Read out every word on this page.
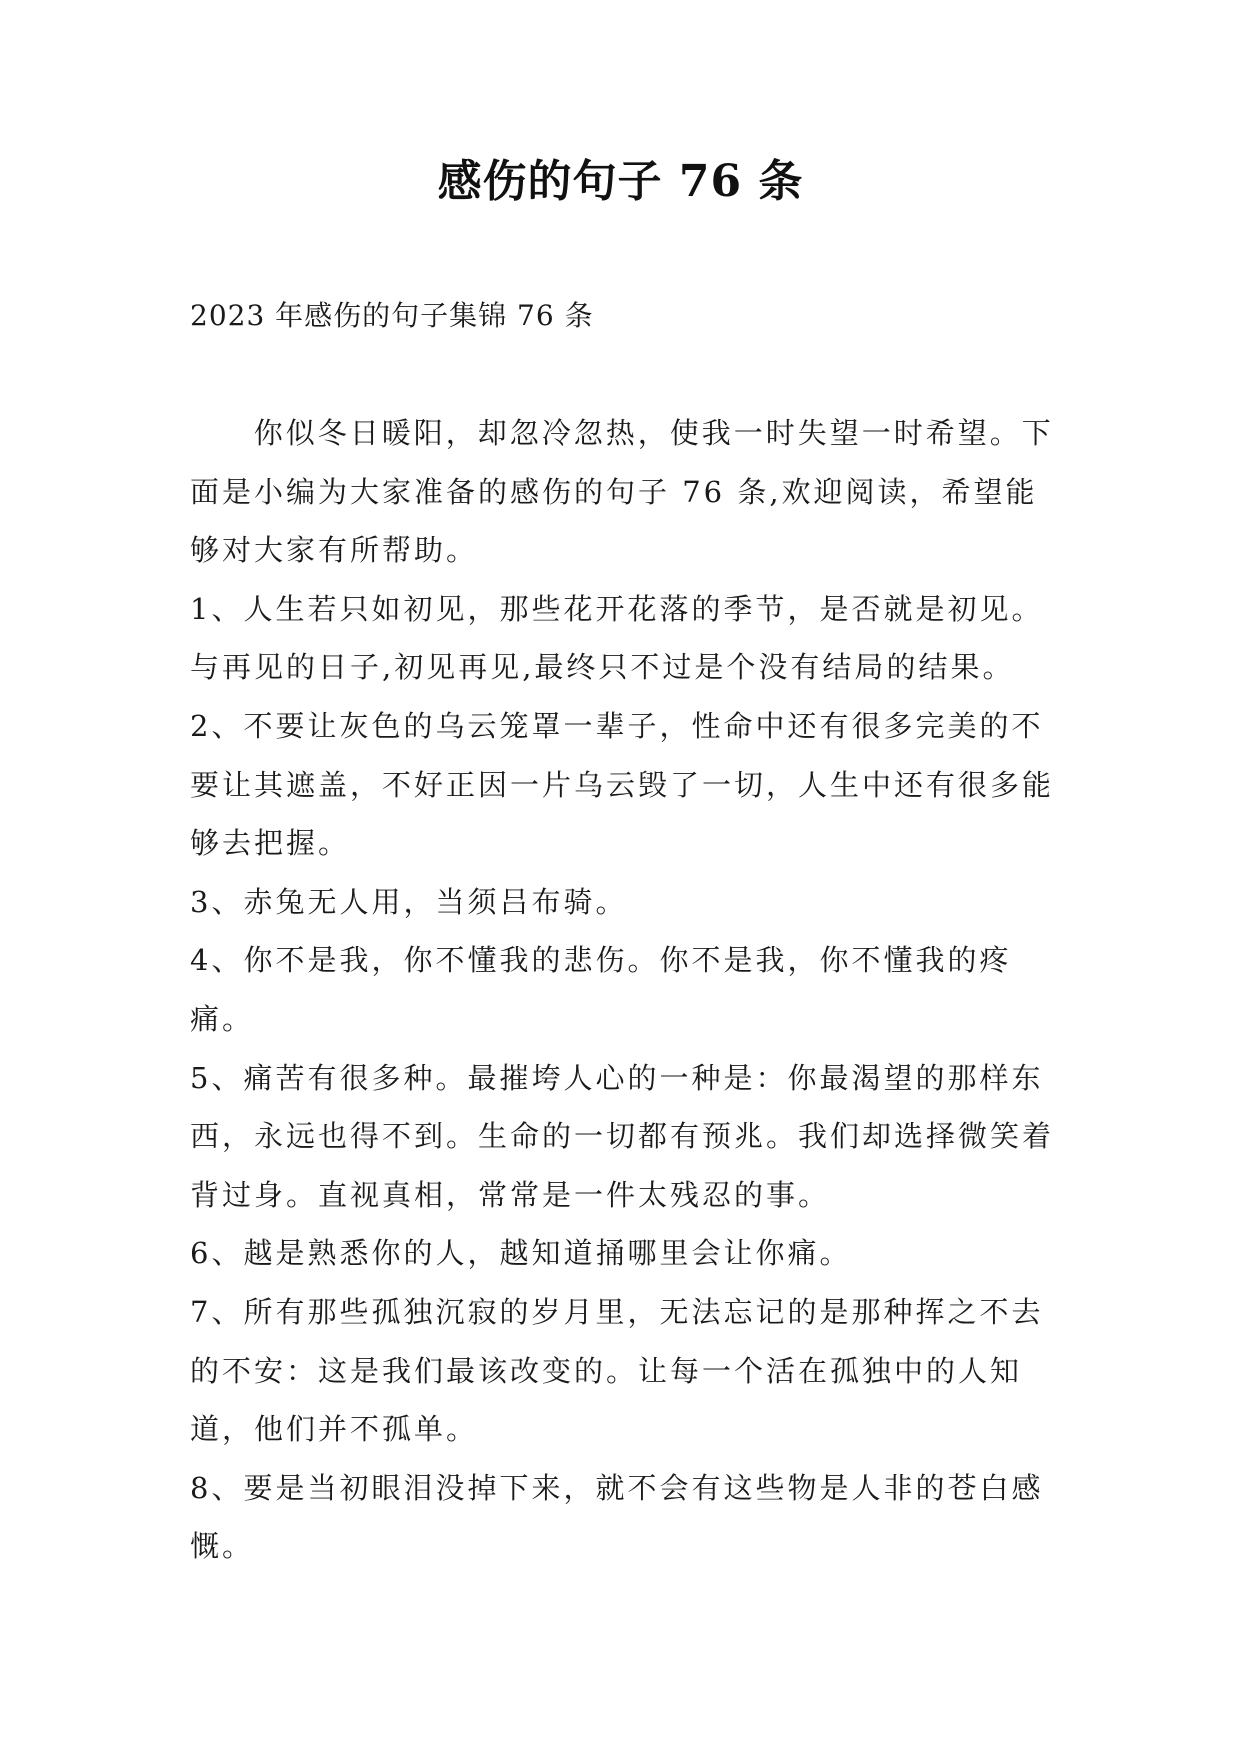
感伤的句子 76 条
2023 年感伤的句子集锦 76 条

你似冬日暖阳，却忽冷忽热，使我一时失望一时希望。下面是小编为大家准备的感伤的句子 76 条,欢迎阅读，希望能够对大家有所帮助。

1、人生若只如初见，那些花开花落的季节，是否就是初见。与再见的日子,初见再见,最终只不过是个没有结局的结果。

2、不要让灰色的乌云笼罩一辈子，性命中还有很多完美的不要让其遮盖，不好正因一片乌云毁了一切，人生中还有很多能够去把握。

3、赤兔无人用，当须吕布骑。

4、你不是我，你不懂我的悲伤。你不是我，你不懂我的疼痛。

5、痛苦有很多种。最摧垮人心的一种是：你最渴望的那样东西，永远也得不到。生命的一切都有预兆。我们却选择微笑着背过身。直视真相，常常是一件太残忍的事。

6、越是熟悉你的人，越知道捅哪里会让你痛。

7、所有那些孤独沉寂的岁月里，无法忘记的是那种挥之不去的不安：这是我们最该改变的。让每一个活在孤独中的人知道，他们并不孤单。

8、要是当初眼泪没掉下来，就不会有这些物是人非的苍白感慨。
